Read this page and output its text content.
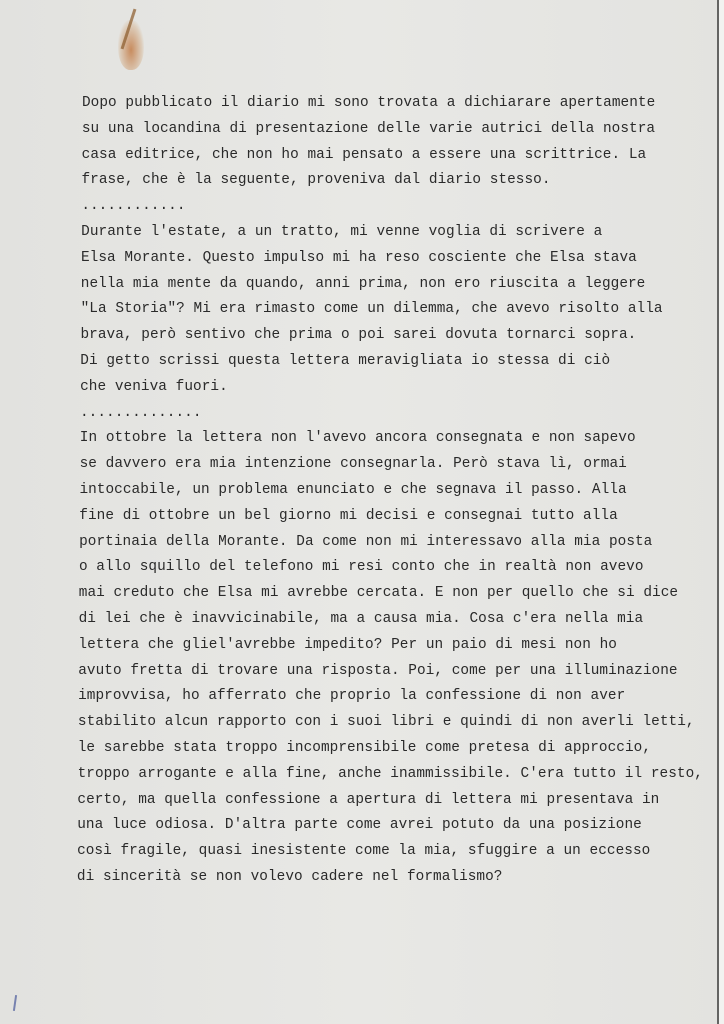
Dopo pubblicato il diario mi sono trovata a dichiarare apertamente
su una locandina di presentazione delle varie autrici della nostra
casa editrice, che non ho mai pensato a essere una scrittrice. La
frase, che è la seguente, proveniva dal diario stesso.
............
Durante l'estate, a un tratto, mi venne voglia di scrivere a
Elsa Morante. Questo impulso mi ha reso cosciente che Elsa stava
nella mia mente da quando, anni prima, non ero riuscita a leggere
"La Storia"? Mi era rimasto come un dilemma, che avevo risolto alla
brava, però sentivo che prima o poi sarei dovuta tornarci sopra.
Di getto scrissi questa lettera meravigliata io stessa di ciò
che veniva fuori.
..............
In ottobre la lettera non l'avevo ancora consegnata e non sapevo
se davvero era mia intenzione consegnarla. Però stava lì, ormai
intoccabile, un problema enunciato e che segnava il passo. Alla
fine di ottobre un bel giorno mi decisi e consegnai tutto alla
portinaia della Morante. Da come non mi interessavo alla mia posta
o allo squillo del telefono mi resi conto che in realtà non avevo
mai creduto che Elsa mi avrebbe cercata. E non per quello che si dice
di lei che è inavvicinabile, ma a causa mia. Cosa c'era nella mia
lettera che gliel'avrebbe impedito? Per un paio di mesi non ho
avuto fretta di trovare una risposta. Poi, come per una illuminazione
improvvisa, ho afferrato che proprio la confessione di non aver
stabilito alcun rapporto con i suoi libri e quindi di non averli letti,
le sarebbe stata troppo incomprensibile come pretesa di approccio,
troppo arrogante e alla fine, anche inammissibile. C'era tutto il resto,
certo, ma quella confessione a apertura di lettera mi presentava in
una luce odiosa. D'altra parte come avrei potuto da una posizione
così fragile, quasi inesistente come la mia, sfuggire a un eccesso
di sincerità se non volevo cadere nel formalismo?
